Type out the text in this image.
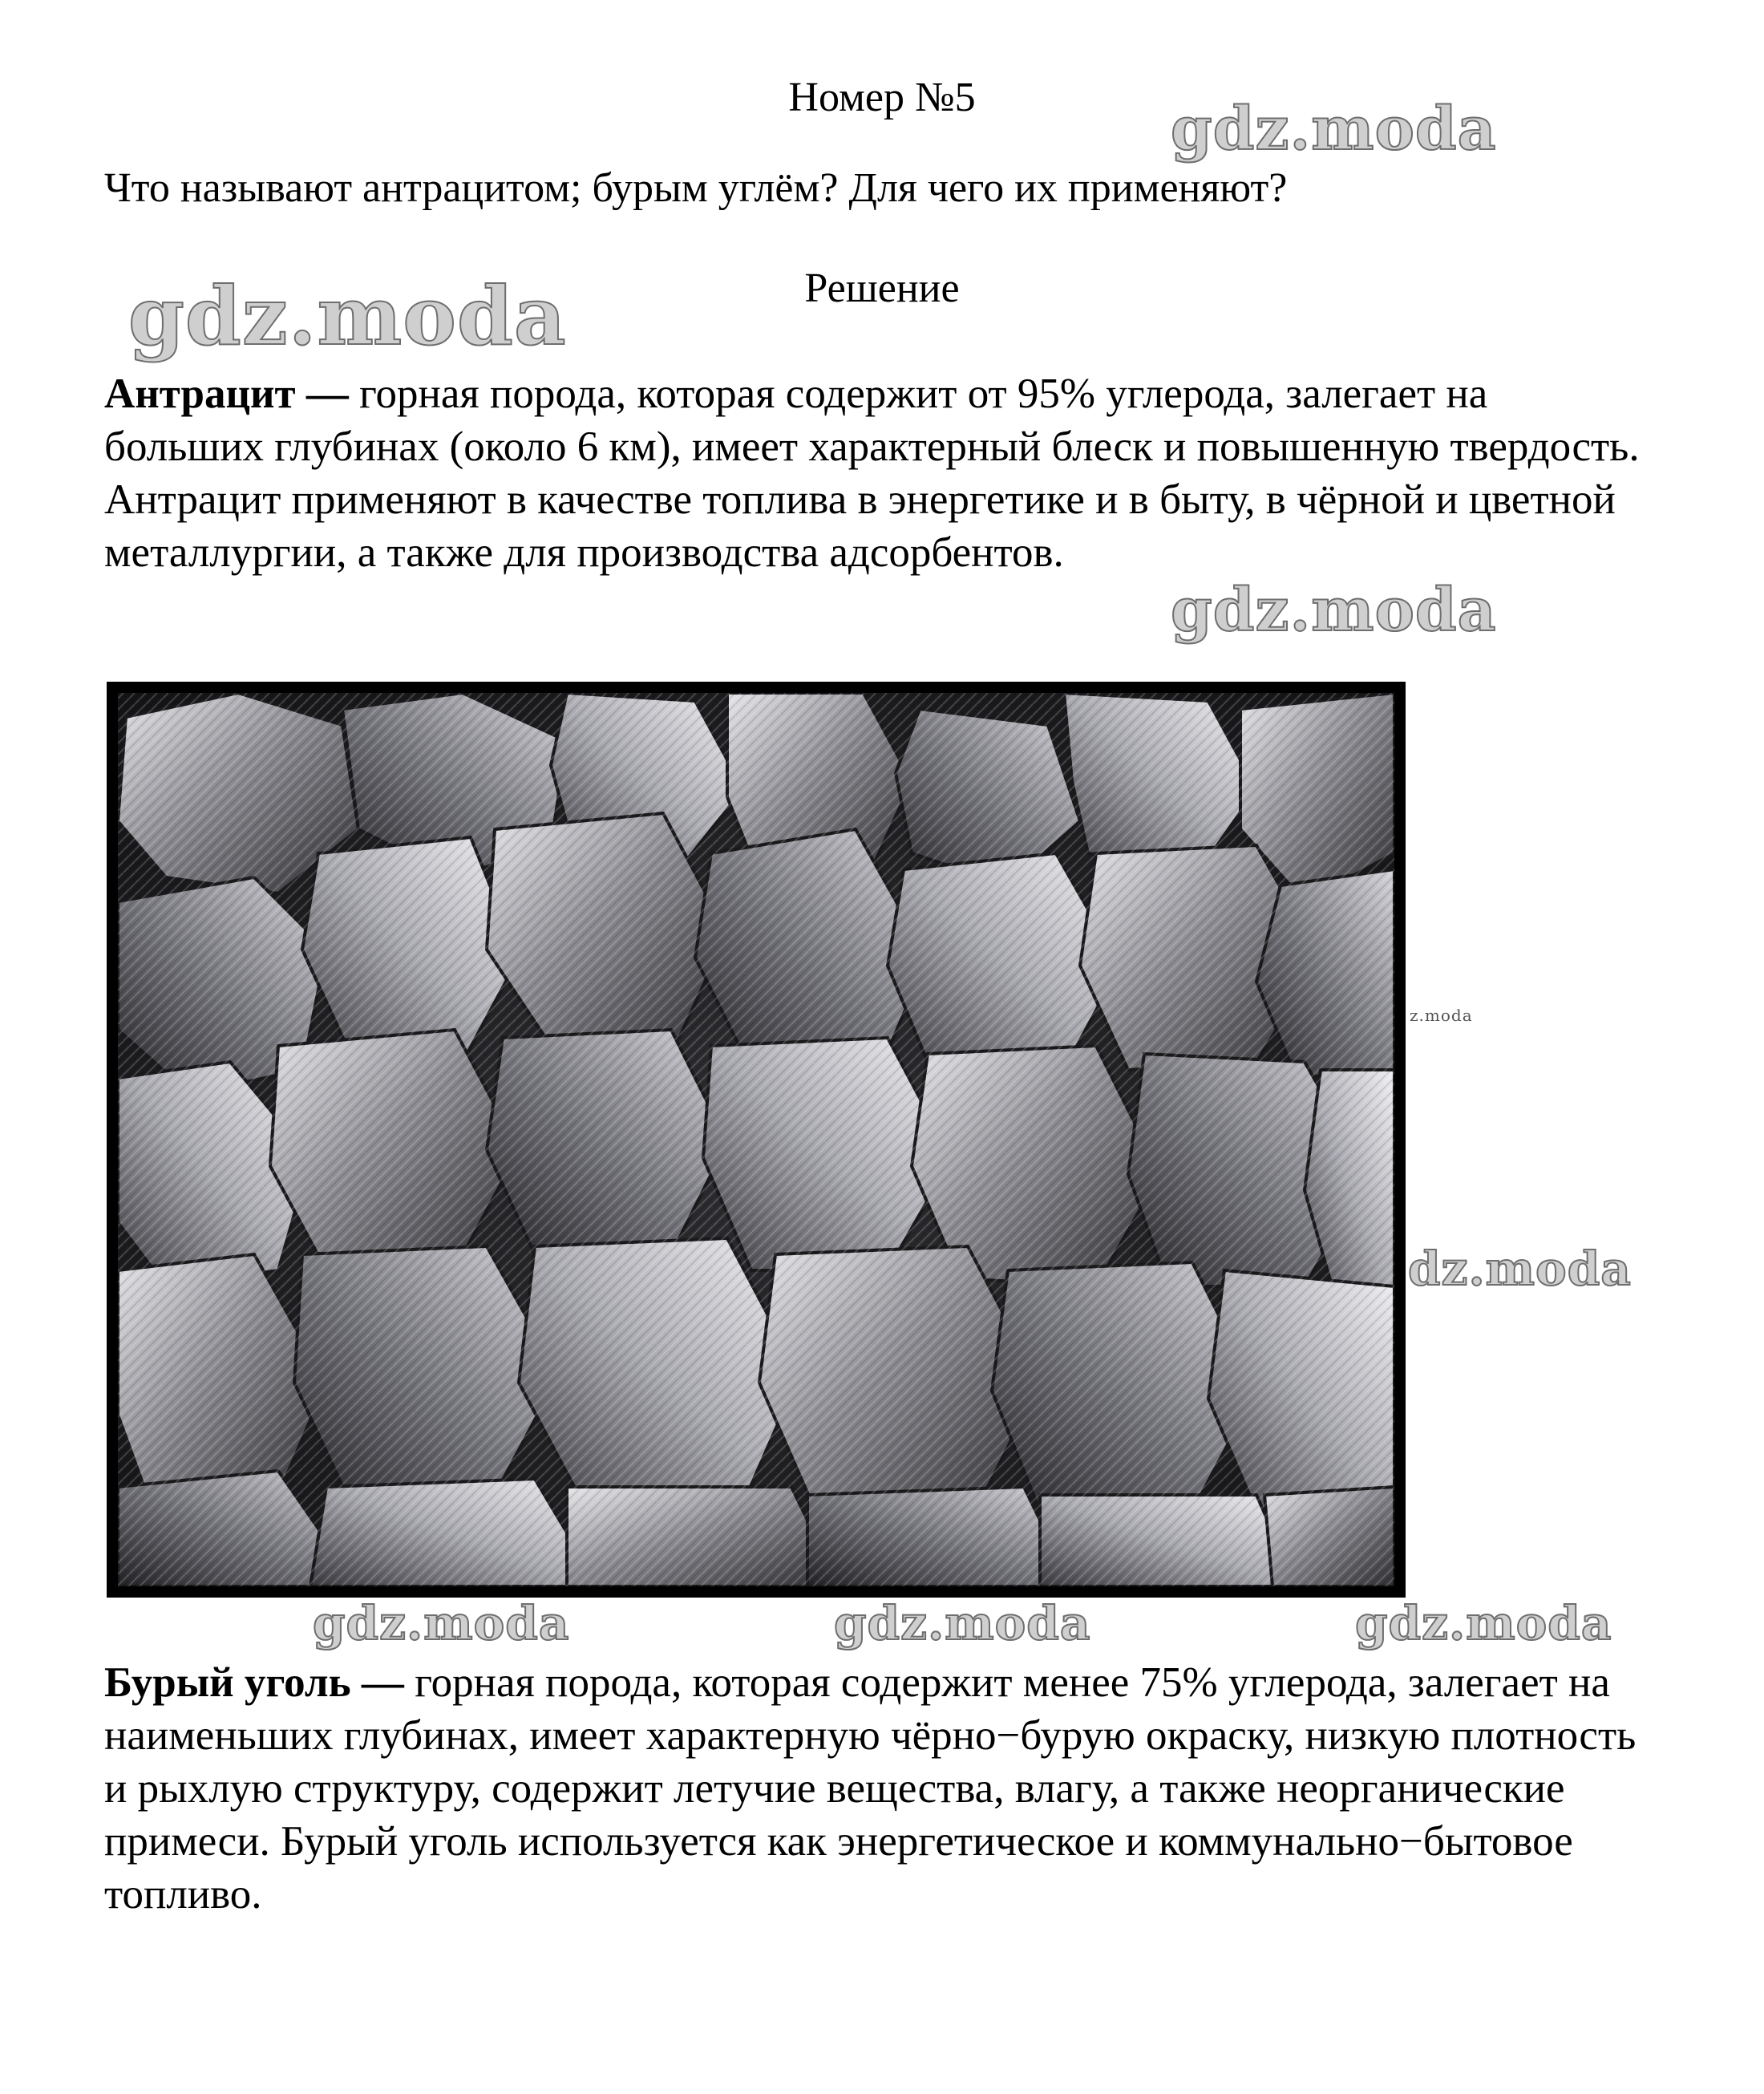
Номер №5	gdz.moda
Что называют антрацитом; бурым углём? Для чего их применяют?
gdz.moda	Решение
Антрацит — горная порода, которая содержит от 95% углерода, залегает на больших глубинах (около 6 км), имеет характерный блеск и повышенную твердость. Антрацит применяют в качестве топлива в энергетике и в быту, в чёрной и цветной металлургии, а также для производства адсорбентов.
gdz.moda
z.moda
dz.moda
gdz.moda	gdz.moda	gdz.moda
Бурый уголь — горная порода, которая содержит менее 75% углерода, залегает на наименьших глубинах, имеет характерную чёрно−бурую окраску, низкую плотность и рыхлую структуру, содержит летучие вещества, влагу, а также неорганические примеси. Бурый уголь используется как энергетическое и коммунально−бытовое топливо.
